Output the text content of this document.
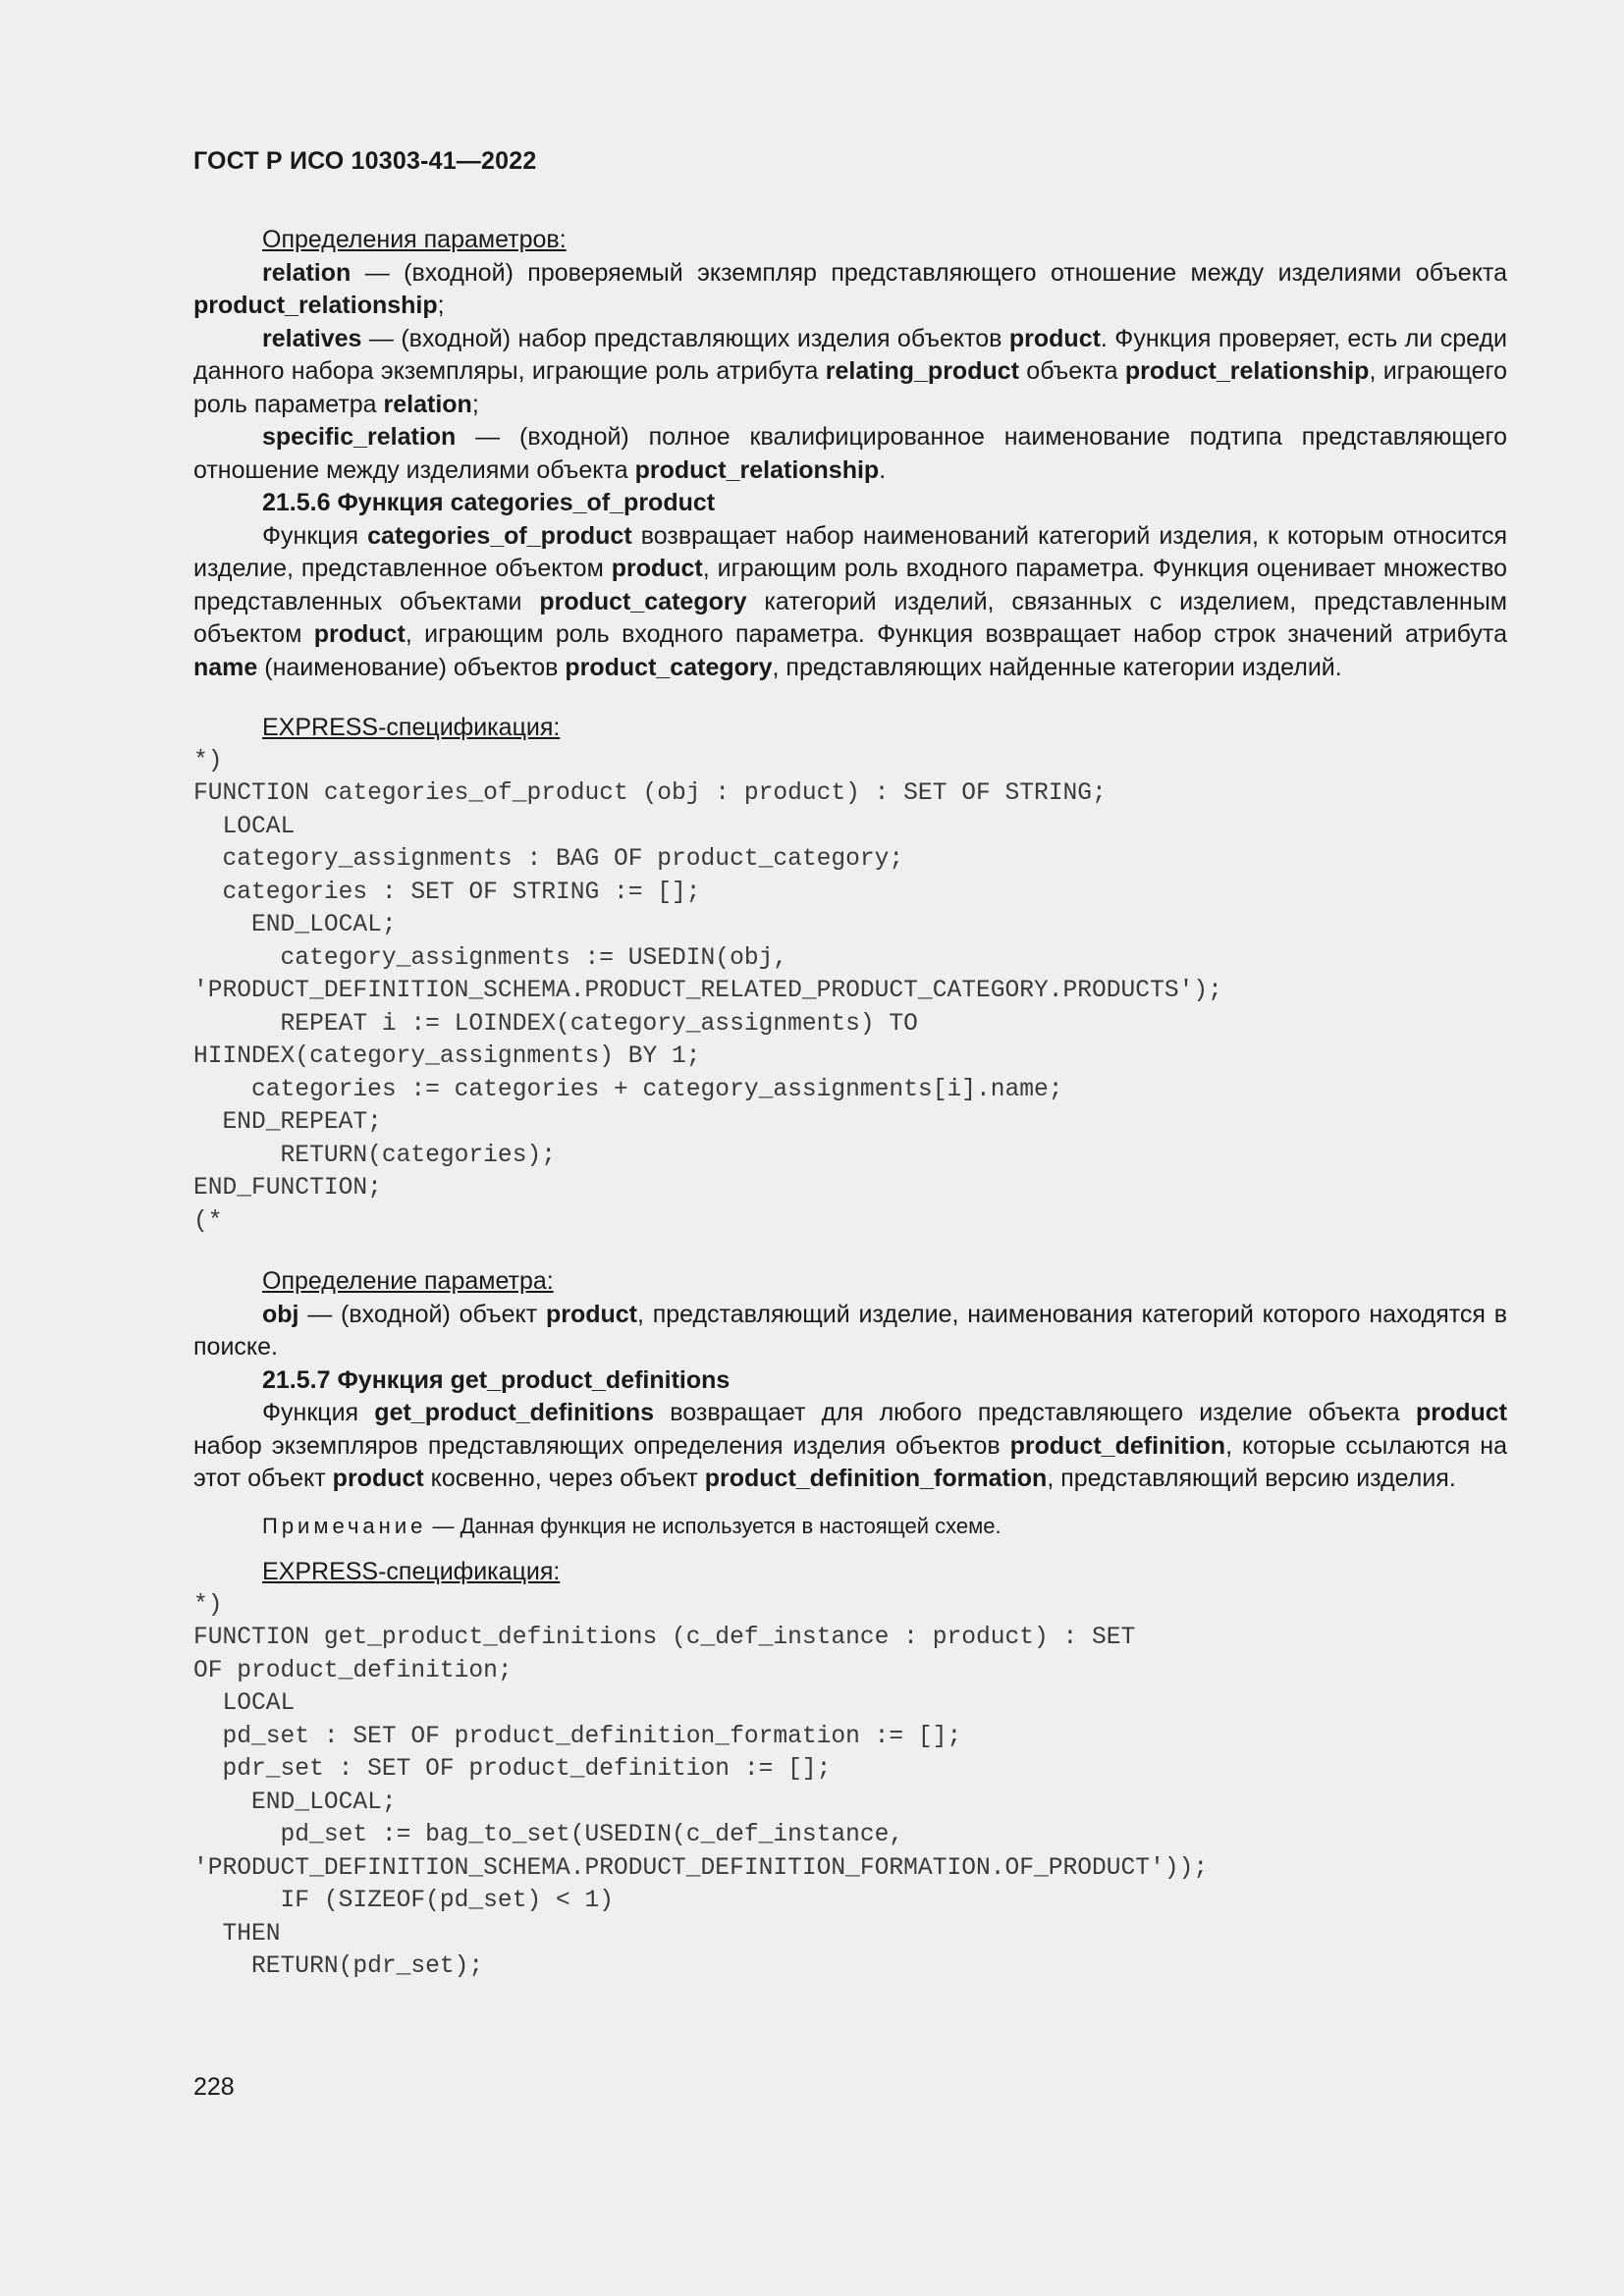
ГОСТ Р ИСО 10303-41—2022

Определения параметров:

relation — (входной) проверяемый экземпляр представляющего отношение между изделиями объекта product_relationship;

relatives — (входной) набор представляющих изделия объектов product. Функция проверяет, есть ли среди данного набора экземпляры, играющие роль атрибута relating_product объекта product_relationship, играющего роль параметра relation;

specific_relation — (входной) полное квалифицированное наименование подтипа представляющего отношение между изделиями объекта product_relationship.

21.5.6 Функция categories_of_product

Функция categories_of_product возвращает набор наименований категорий изделия, к которым относится изделие, представленное объектом product, играющим роль входного параметра. Функция оценивает множество представленных объектами product_category категорий изделий, связанных с изделием, представленным объектом product, играющим роль входного параметра. Функция возвращает набор строк значений атрибута name (наименование) объектов product_category, представляющих найденные категории изделий.

EXPRESS-спецификация:

*)
FUNCTION categories_of_product (obj : product) : SET OF STRING;
LOCAL
category_assignments : BAG OF product_category;
categories : SET OF STRING := [];
END_LOCAL;
category_assignments := USEDIN(obj,
'PRODUCT_DEFINITION_SCHEMA.PRODUCT_RELATED_PRODUCT_CATEGORY.PRODUCTS');
REPEAT i := LOINDEX(category_assignments) TO
HIINDEX(category_assignments) BY 1;
categories := categories + category_assignments[i].name;
END_REPEAT;
RETURN(categories);
END_FUNCTION;
(*

Определение параметра:

obj — (входной) объект product, представляющий изделие, наименования категорий которого находятся в поиске.

21.5.7 Функция get_product_definitions

Функция get_product_definitions возвращает для любого представляющего изделие объекта product набор экземпляров представляющих определения изделия объектов product_definition, которые ссылаются на этот объект product косвенно, через объект product_definition_formation, представляющий версию изделия.

Примечание — Данная функция не используется в настоящей схеме.

EXPRESS-спецификация:

*)
FUNCTION get_product_definitions (c_def_instance : product) : SET
OF product_definition;
LOCAL
pd_set : SET OF product_definition_formation := [];
pdr_set : SET OF product_definition := [];
END_LOCAL;
pd_set := bag_to_set(USEDIN(c_def_instance,
'PRODUCT_DEFINITION_SCHEMA.PRODUCT_DEFINITION_FORMATION.OF_PRODUCT'));
IF (SIZEOF(pd_set) < 1)
THEN
RETURN(pdr_set);
228
